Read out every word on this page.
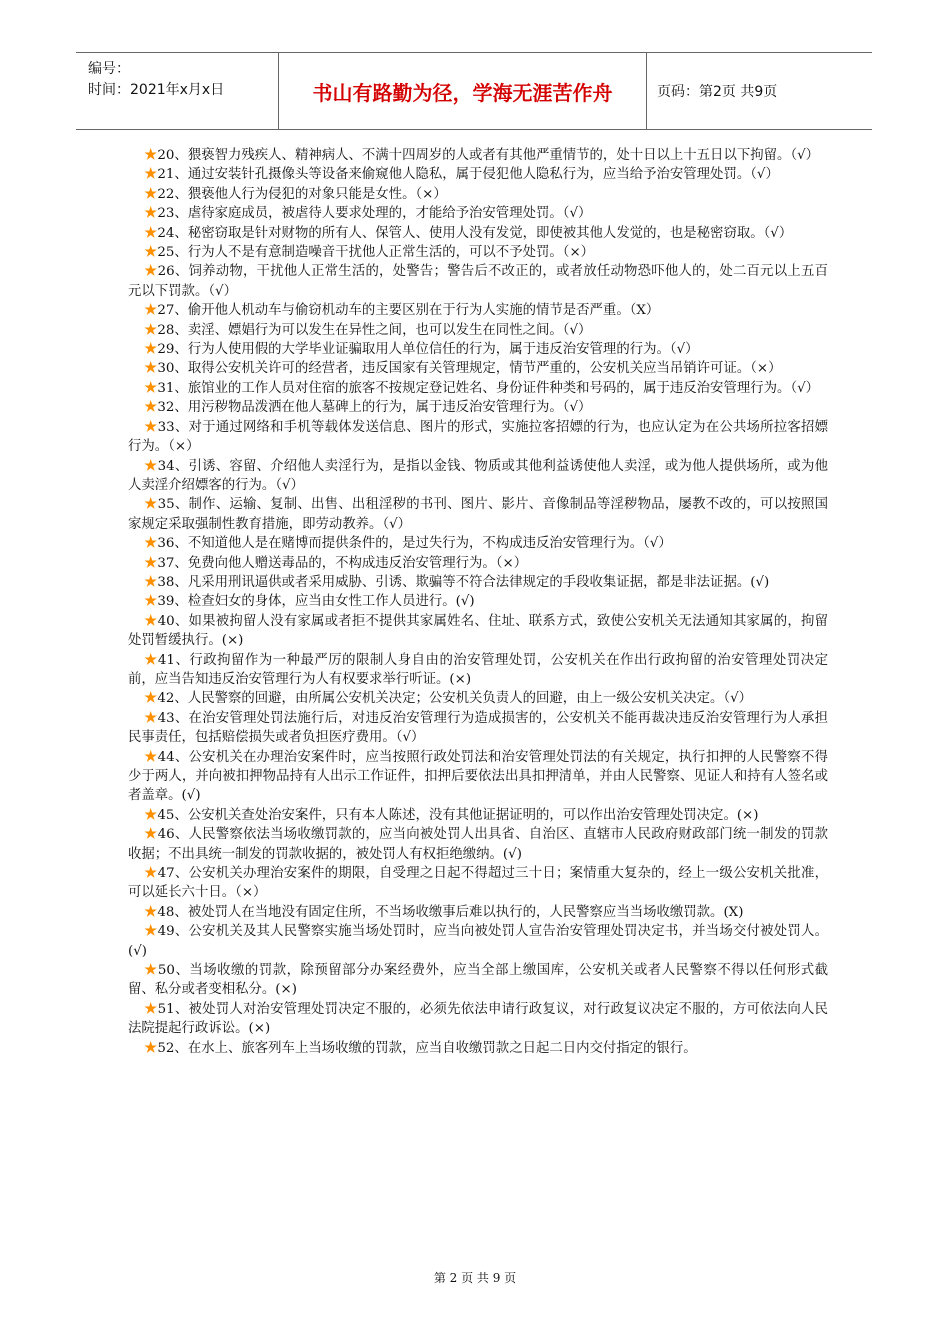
编号：
时间：2021年x月x日	书山有路勤为径，学海无涯苦作舟	页码：第2页 共9页
★20、猥亵智力残疾人、精神病人、不满十四周岁的人或者有其他严重情节的，处十日以上十五日以下拘留。（√）
★21、通过安装针孔摄像头等设备来偷窥他人隐私，属于侵犯他人隐私行为，应当给予治安管理处罚。（√）
★22、猥亵他人行为侵犯的对象只能是女性。（×）
★23、虐待家庭成员，被虐待人要求处理的，才能给予治安管理处罚。（√）
★24、秘密窃取是针对财物的所有人、保管人、使用人没有发觉，即使被其他人发觉的，也是秘密窃取。（√）
★25、行为人不是有意制造噪音干扰他人正常生活的，可以不予处罚。（×）
★26、饲养动物，干扰他人正常生活的，处警告；警告后不改正的，或者放任动物恐吓他人的，处二百元以上五百元以下罚款。（√）
★27、偷开他人机动车与偷窃机动车的主要区别在于行为人实施的情节是否严重。（X）
★28、卖淫、嫖娼行为可以发生在异性之间，也可以发生在同性之间。（√）
★29、行为人使用假的大学毕业证骗取用人单位信任的行为，属于违反治安管理的行为。（√）
★30、取得公安机关许可的经营者，违反国家有关管理规定，情节严重的，公安机关应当吊销许可证。（×）
★31、旅馆业的工作人员对住宿的旅客不按规定登记姓名、身份证件种类和号码的，属于违反治安管理行为。（√）
★32、用污秽物品泼洒在他人墓碑上的行为，属于违反治安管理行为。（√）
★33、对于通过网络和手机等载体发送信息、图片的形式，实施拉客招嫖的行为，也应认定为在公共场所拉客招嫖行为。（×）
★34、引诱、容留、介绍他人卖淫行为，是指以金钱、物质或其他利益诱使他人卖淫，或为他人提供场所，或为他人卖淫介绍嫖客的行为。（√）
★35、制作、运输、复制、出售、出租淫秽的书刊、图片、影片、音像制品等淫秽物品，屡教不改的，可以按照国家规定采取强制性教育措施，即劳动教养。（√）
★36、不知道他人是在赌博而提供条件的，是过失行为，不构成违反治安管理行为。（√）
★37、免费向他人赠送毒品的，不构成违反治安管理行为。（×）
★38、凡采用刑讯逼供或者采用威胁、引诱、欺骗等不符合法律规定的手段收集证据，都是非法证据。(√)
★39、检查妇女的身体，应当由女性工作人员进行。(√)
★40、如果被拘留人没有家属或者拒不提供其家属姓名、住址、联系方式，致使公安机关无法通知其家属的，拘留处罚暂缓执行。(×)
★41、行政拘留作为一种最严厉的限制人身自由的治安管理处罚，公安机关在作出行政拘留的治安管理处罚决定前，应当告知违反治安管理行为人有权要求举行听证。(×)
★42、人民警察的回避，由所属公安机关决定；公安机关负责人的回避，由上一级公安机关决定。（√）
★43、在治安管理处罚法施行后，对违反治安管理行为造成损害的，公安机关不能再裁决违反治安管理行为人承担民事责任，包括赔偿损失或者负担医疗费用。（√）
★44、公安机关在办理治安案件时，应当按照行政处罚法和治安管理处罚法的有关规定，执行扣押的人民警察不得少于两人，并向被扣押物品持有人出示工作证件，扣押后要依法出具扣押清单，并由人民警察、见证人和持有人签名或者盖章。(√)
★45、公安机关查处治安案件，只有本人陈述，没有其他证据证明的，可以作出治安管理处罚决定。(×)
★46、人民警察依法当场收缴罚款的，应当向被处罚人出具省、自治区、直辖市人民政府财政部门统一制发的罚款收据；不出具统一制发的罚款收据的，被处罚人有权拒绝缴纳。(√)
★47、公安机关办理治安案件的期限，自受理之日起不得超过三十日；案情重大复杂的，经上一级公安机关批准，可以延长六十日。（×）
★48、被处罚人在当地没有固定住所，不当场收缴事后难以执行的，人民警察应当当场收缴罚款。(X)
★49、公安机关及其人民警察实施当场处罚时，应当向被处罚人宣告治安管理处罚决定书，并当场交付被处罚人。(√)
★50、当场收缴的罚款，除预留部分办案经费外，应当全部上缴国库，公安机关或者人民警察不得以任何形式截留、私分或者变相私分。(×)
★51、被处罚人对治安管理处罚决定不服的，必须先依法申请行政复议，对行政复议决定不服的，方可依法向人民法院提起行政诉讼。(×)
★52、在水上、旅客列车上当场收缴的罚款，应当自收缴罚款之日起二日内交付指定的银行。
第 2 页 共 9 页
